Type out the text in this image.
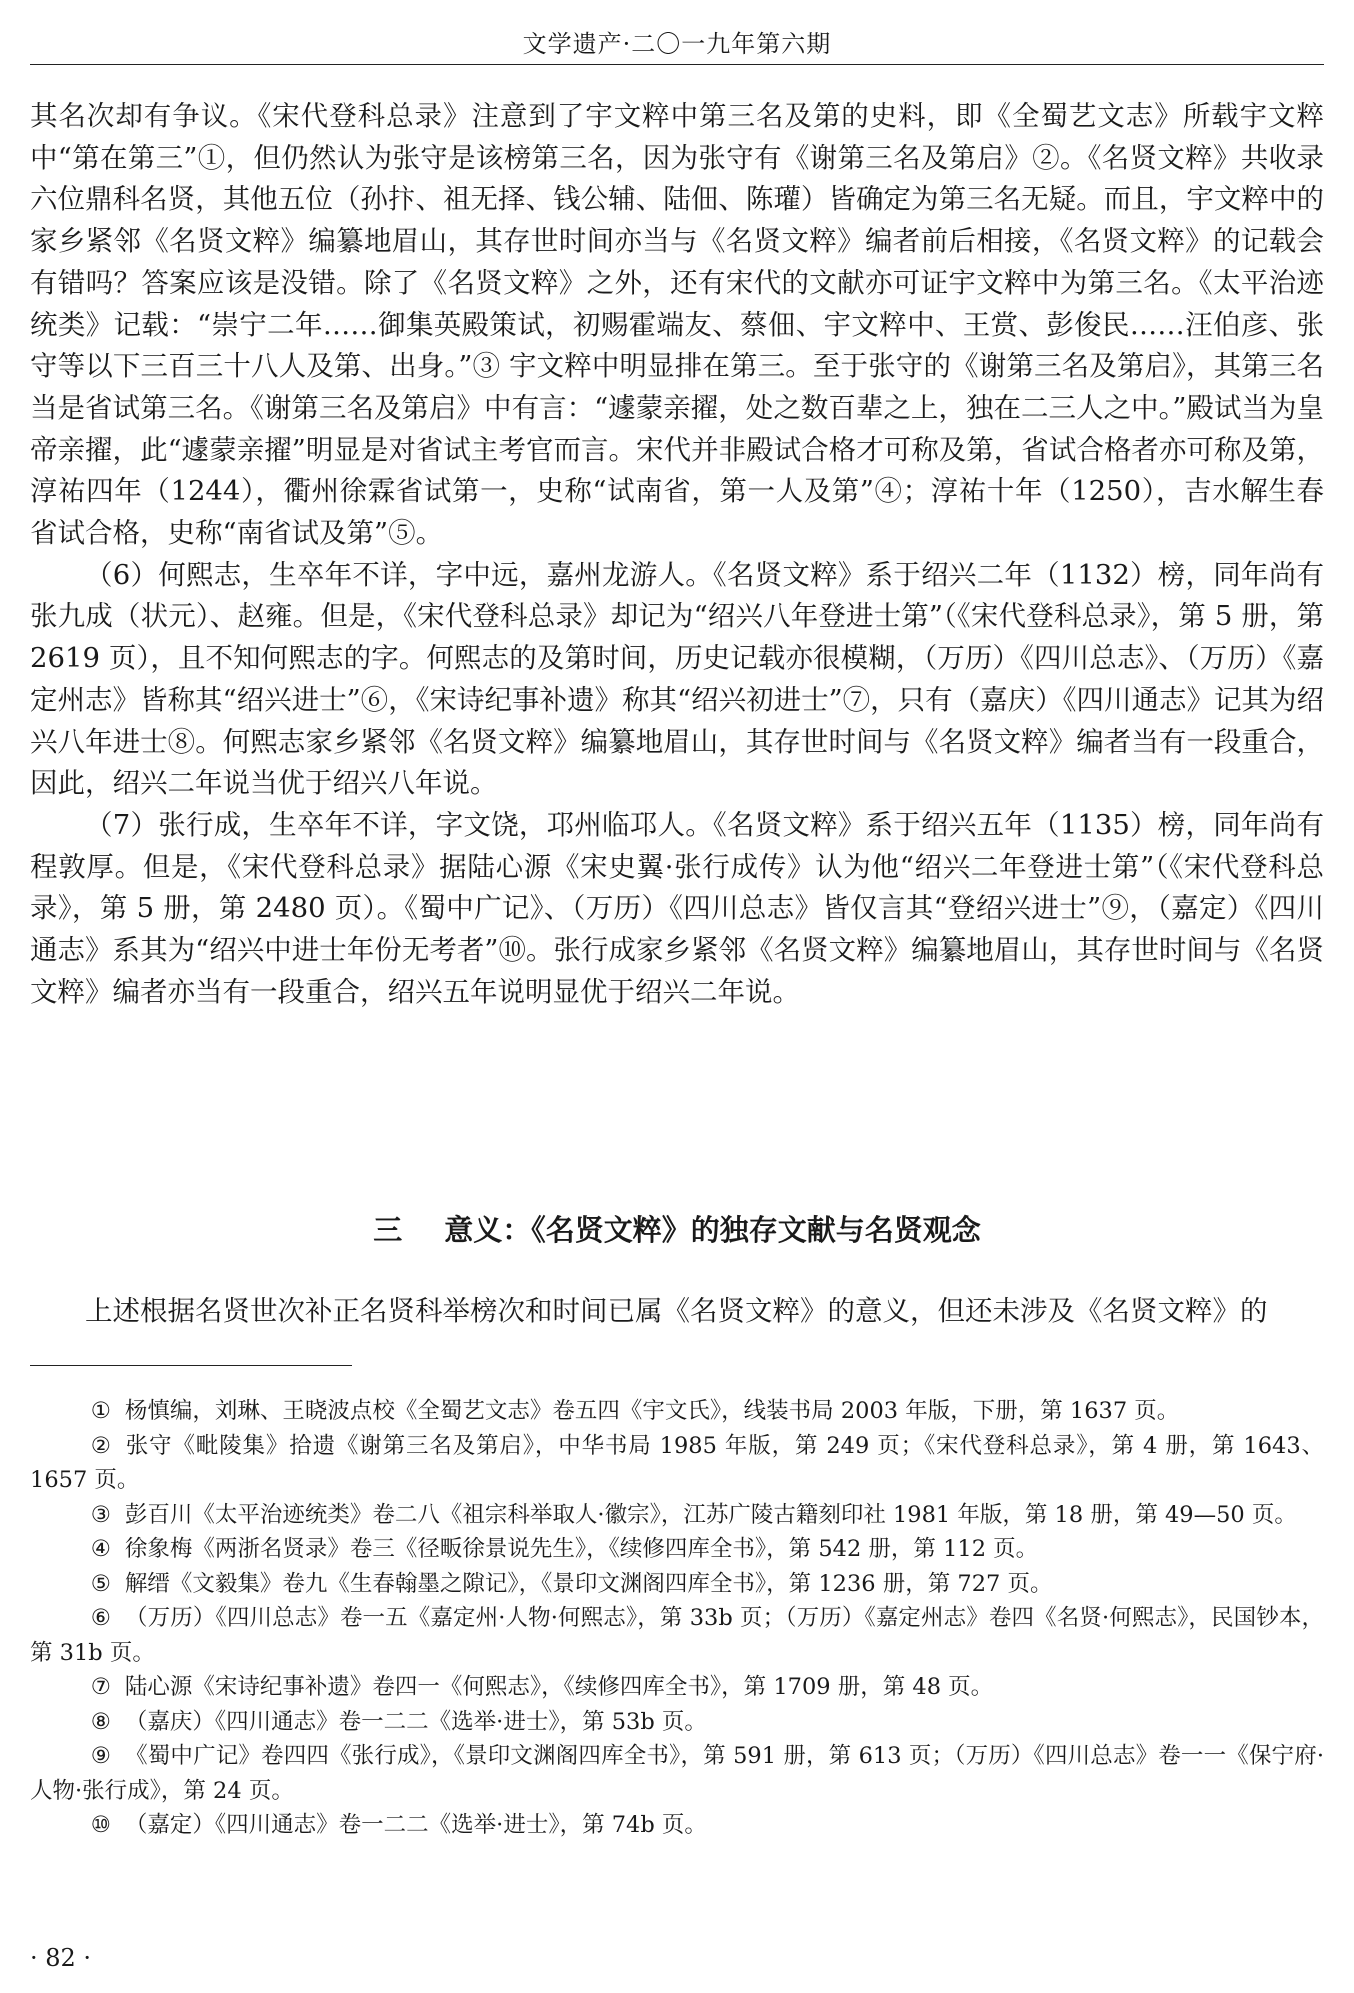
文学遗产·二〇一九年第六期

其名次却有争议。《宋代登科总录》注意到了宇文粹中第三名及第的史料，即《全蜀艺文志》所载宇文粹中“第在第三”①，但仍然认为张守是该榜第三名，因为张守有《谢第三名及第启》②。《名贤文粹》共收录六位鼎科名贤，其他五位（孙抃、祖无择、钱公辅、陆佃、陈瓘）皆确定为第三名无疑。而且，宇文粹中的家乡紧邻《名贤文粹》编纂地眉山，其存世时间亦当与《名贤文粹》编者前后相接，《名贤文粹》的记载会有错吗？答案应该是没错。除了《名贤文粹》之外，还有宋代的文献亦可证宇文粹中为第三名。《太平治迹统类》记载：“崇宁二年……御集英殿策试，初赐霍端友、蔡佃、宇文粹中、王赏、彭俊民……汪伯彦、张守等以下三百三十八人及第、出身。”③ 宇文粹中明显排在第三。至于张守的《谢第三名及第启》，其第三名当是省试第三名。《谢第三名及第启》中有言：“遽蒙亲擢，处之数百辈之上，独在二三人之中。”殿试当为皇帝亲擢，此“遽蒙亲擢”明显是对省试主考官而言。宋代并非殿试合格才可称及第，省试合格者亦可称及第，淳祐四年（1244），衢州徐霖省试第一，史称“试南省，第一人及第”④；淳祐十年（1250），吉水解生春省试合格，史称“南省试及第”⑤。

（6）何熙志，生卒年不详，字中远，嘉州龙游人。《名贤文粹》系于绍兴二年（1132）榜，同年尚有张九成（状元）、赵雍。但是，《宋代登科总录》却记为“绍兴八年登进士第”（《宋代登科总录》，第 5 册，第 2619 页），且不知何熙志的字。何熙志的及第时间，历史记载亦很模糊，（万历）《四川总志》、（万历）《嘉定州志》皆称其“绍兴进士”⑥，《宋诗纪事补遗》称其“绍兴初进士”⑦，只有（嘉庆）《四川通志》记其为绍兴八年进士⑧。何熙志家乡紧邻《名贤文粹》编纂地眉山，其存世时间与《名贤文粹》编者当有一段重合，因此，绍兴二年说当优于绍兴八年说。

（7）张行成，生卒年不详，字文饶，邛州临邛人。《名贤文粹》系于绍兴五年（1135）榜，同年尚有程敦厚。但是，《宋代登科总录》据陆心源《宋史翼·张行成传》认为他“绍兴二年登进士第”（《宋代登科总录》，第 5 册，第 2480 页）。《蜀中广记》、（万历）《四川总志》皆仅言其“登绍兴进士”⑨，（嘉定）《四川通志》系其为“绍兴中进士年份无考者”⑩。张行成家乡紧邻《名贤文粹》编纂地眉山，其存世时间与《名贤文粹》编者亦当有一段重合，绍兴五年说明显优于绍兴二年说。

三 意义：《名贤文粹》的独存文献与名贤观念

上述根据名贤世次补正名贤科举榜次和时间已属《名贤文粹》的意义，但还未涉及《名贤文粹》的

① 杨慎编，刘琳、王晓波点校《全蜀艺文志》卷五四《宇文氏》，线装书局 2003 年版，下册，第 1637 页。

② 张守《毗陵集》拾遗《谢第三名及第启》，中华书局 1985 年版，第 249 页；《宋代登科总录》，第 4 册，第 1643、1657 页。

③ 彭百川《太平治迹统类》卷二八《祖宗科举取人·徽宗》，江苏广陵古籍刻印社 1981 年版，第 18 册，第 49—50 页。

④ 徐象梅《两浙名贤录》卷三《径畈徐景说先生》，《续修四库全书》，第 542 册，第 112 页。

⑤ 解缙《文毅集》卷九《生春翰墨之隙记》，《景印文渊阁四库全书》，第 1236 册，第 727 页。

⑥ （万历）《四川总志》卷一五《嘉定州·人物·何熙志》，第 33b 页；（万历）《嘉定州志》卷四《名贤·何熙志》，民国钞本，第 31b 页。

⑦ 陆心源《宋诗纪事补遗》卷四一《何熙志》，《续修四库全书》，第 1709 册，第 48 页。

⑧ （嘉庆）《四川通志》卷一二二《选举·进士》，第 53b 页。

⑨ 《蜀中广记》卷四四《张行成》，《景印文渊阁四库全书》，第 591 册，第 613 页；（万历）《四川总志》卷一一《保宁府·人物·张行成》，第 24 页。

⑩ （嘉定）《四川通志》卷一二二《选举·进士》，第 74b 页。

· 82 ·
